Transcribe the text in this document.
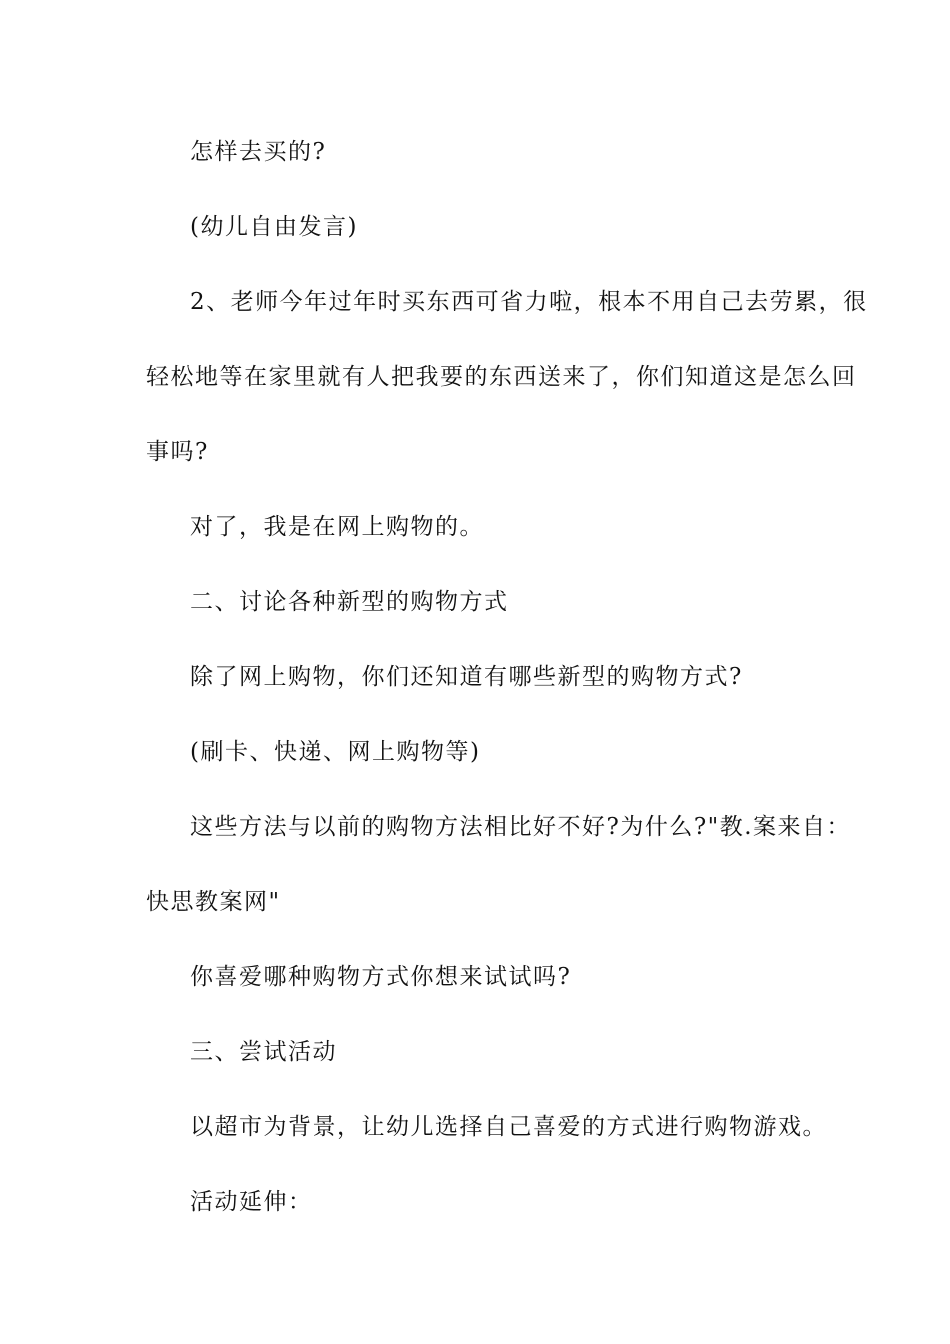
怎样去买的?
(幼儿自由发言)
2、老师今年过年时买东西可省力啦，根本不用自己去劳累，很
轻松地等在家里就有人把我要的东西送来了，你们知道这是怎么回
事吗?
对了，我是在网上购物的。
二、讨论各种新型的购物方式
除了网上购物，你们还知道有哪些新型的购物方式?
(刷卡、快递、网上购物等)
这些方法与以前的购物方法相比好不好?为什么?"教.案来自：
快思教案网"
你喜爱哪种购物方式你想来试试吗?
三、尝试活动
以超市为背景，让幼儿选择自己喜爱的方式进行购物游戏。
活动延伸：
